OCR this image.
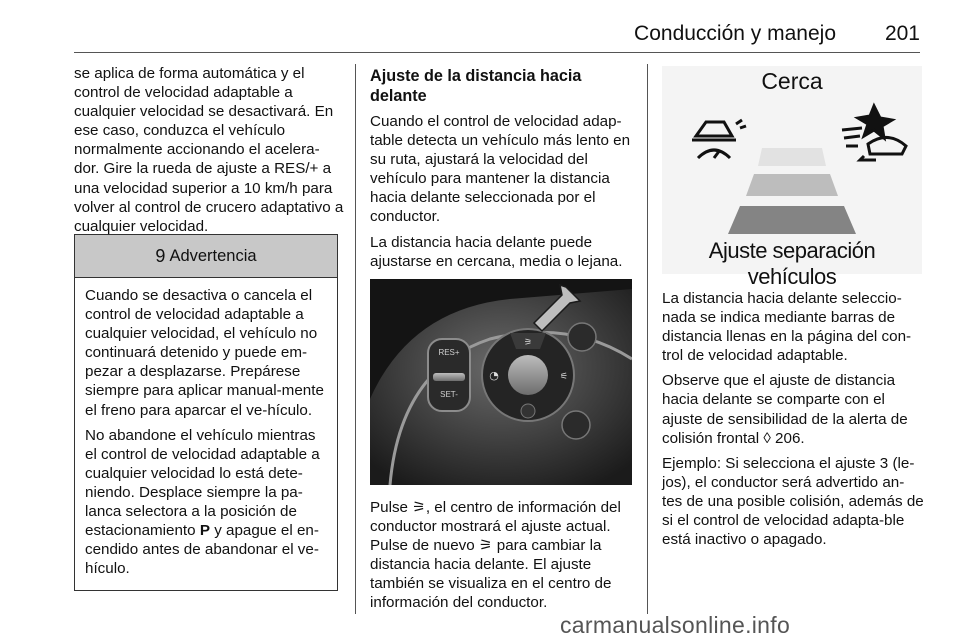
Conducción y manejo 201

se aplica de forma automática y el control de velocidad adaptable a cualquier velocidad se desactivará. En ese caso, conduzca el vehículo normalmente accionando el acelera-dor. Gire la rueda de ajuste a RES/+ a una velocidad superior a 10 km/h para volver al control de crucero adaptativo a cualquier velocidad.

9 Advertencia

Cuando se desactiva o cancela el control de velocidad adaptable a cualquier velocidad, el vehículo no continuará detenido y puede em-pezar a desplazarse. Prepárese siempre para aplicar manual-mente el freno para aparcar el ve-hículo.

No abandone el vehículo mientras el control de velocidad adaptable a cualquier velocidad lo está dete-niendo. Desplace siempre la pa-lanca selectora a la posición de estacionamiento P y apague el en-cendido antes de abandonar el ve-hículo.

Ajuste de la distancia hacia delante

Cuando el control de velocidad adap-table detecta un vehículo más lento en su ruta, ajustará la velocidad del vehículo para mantener la distancia hacia delante seleccionada por el conductor.

La distancia hacia delante puede ajustarse en cercana, media o lejana.

RES+
SET-
⚞
◔	⚟

Pulse ⚞, el centro de información del conductor mostrará el ajuste actual. Pulse de nuevo ⚞ para cambiar la distancia hacia delante. El ajuste también se visualiza en el centro de información del conductor.

Cerca
Ajuste separación vehículos

La distancia hacia delante seleccio-nada se indica mediante barras de distancia llenas en la página del con-trol de velocidad adaptable.

Observe que el ajuste de distancia hacia delante se comparte con el ajuste de sensibilidad de la alerta de colisión frontal ◊ 206.

Ejemplo: Si selecciona el ajuste 3 (le-jos), el conductor será advertido an-tes de una posible colisión, además de si el control de velocidad adapta-ble está inactivo o apagado.

carmanualsonline.info
